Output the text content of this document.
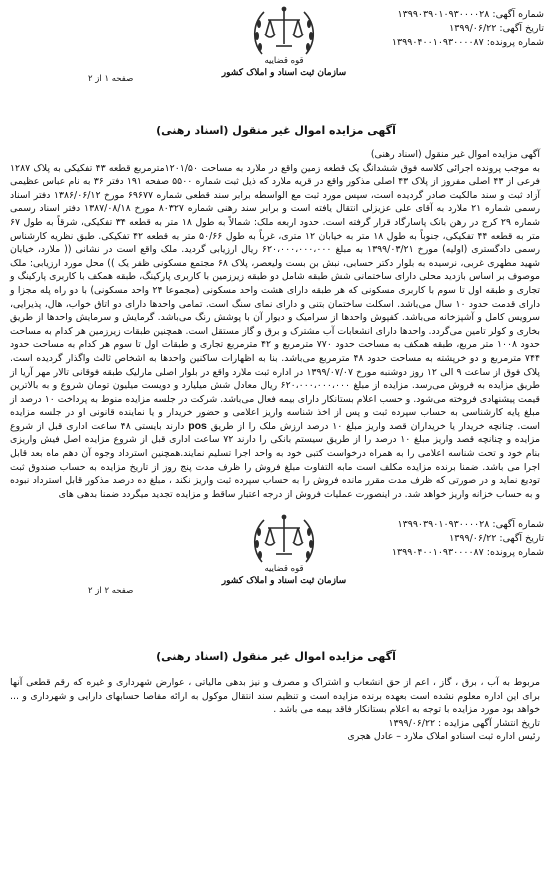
شماره آگهی: ۱۳۹۹۰۳۹۰۱۰۹۳۰۰۰۰۲۸
تاریخ آگهی: ۱۳۹۹/۰۶/۲۲
شماره پرونده: ۱۳۹۹۰۴۰۰۱۰۹۳۰۰۰۰۸۷
قوه قضاییه
سازمان ثبت اسناد و املاک کشور
صفحه ۱ از ۲
آگهی مزایده اموال غیر منقول (اسناد رهنی)

آگهی مزایده اموال غیر منقول (اسناد رهنی)

به موجب پرونده اجرائی کلاسه فوق ششدانگ یک قطعه زمین واقع در ملارد به مساحت ۱۲۰۱/۵۰مترمربع قطعه ۴۳ تفکیکی به پلاک ۱۲۸۷ فرعی از ۴۳ اصلی مفروز از پلاک ۴۳ اصلی مذکور واقع در قریه ملارد که ذیل ثبت شماره ۵۵۰۰ صفحه ۱۹۱ دفتر ۳۶ به نام عباس عظیمی آزاد ثبت و سند مالکیت صادر گردیده است، سپس مورد ثبت مع الواسطه برابر سند قطعی شماره ۶۹۶۷۷ مورخ ۱۳۸۶/۰۶/۱۲ دفتر اسناد رسمی شماره ۲۱ ملارد به آقای علی عزیزلی انتقال یافته است و برابر سند رهنی شماره ۸۰۳۲۷ مورخ ۱۳۸۷/۰۸/۱۸ دفتر اسناد رسمی شماره ۲۹ کرج در رهن بانک پاسارگاد قرار گرفته است. حدود اربعه ملک: شمالاً به طول ۱۸ متر به قطعه ۳۴ تفکیکی، شرقاً به طول ۶۷ متر به قطعه ۴۴ تفکیکی، جنوباً به طول ۱۸ متر به خیابان ۱۲ متری، غرباً به طول ۵۰/۶۶ متر به قطعه ۴۲ تفکیکی. طبق نظریه کارشناس رسمی دادگستری (اولیه) مورخ ۱۳۹۹/۰۳/۲۱ به مبلغ ۶۲۰،۰۰۰،۰۰۰،۰۰۰ ریال ارزیابی گردید. ملک واقع است در نشانی (( ملارد، خیابان شهید مطهری غربی، نرسیده به بلوار دکتر حسابی، نبش بن بست ولیعصر، پلاک ۶۸ مجتمع مسکونی ظفر یک )) محل مورد ارزیابی: ملک موصوف بر اساس بازدید محلی دارای ساختمانی شش طبقه شامل دو طبقه زیرزمین با کاربری پارکینگ، طبقه همکف با کاربری پارکینگ و تجاری و طبقه اول تا سوم با کاربری مسکونی که هر طبقه دارای هشت واحد مسکونی (مجموعا ۲۴ واحد مسکونی) با دو راه پله مجزا و دارای قدمت حدود ۱۰ سال می‌باشد. اسکلت ساختمان بتنی و دارای نمای سنگ است. تمامی واحدها دارای دو اتاق خواب، هال، پذیرایی، سرویس کامل و آشپزخانه می‌باشد. کفپوش واحدها از سرامیک و دیوار آن با پوشش رنگ می‌باشد. گرمایش و سرمایش واحدها از طریق بخاری و کولر تامین می‌گردد. واحدها دارای انشعابات آب مشترک و برق و گاز مستقل است. همچنین طبقات زیرزمین هر کدام به مساحت حدود ۱۰۰۸ متر مربع، طبقه همکف به مساحت حدود ۷۷۰ مترمربع و ۴۲ مترمربع تجاری و طبقات اول تا سوم هر کدام به مساحت حدود ۷۴۴ مترمربع و دو خرپشته به مساحت حدود ۴۸ مترمربع می‌باشد. بنا به اظهارات ساکنین واحدها به اشخاص ثالث واگذار گردیده است. پلاک فوق از ساعت ۹ الی ۱۲ روز دوشنبه مورخ ۱۳۹۹/۰۷/۰۷ در اداره ثبت ملارد واقع در بلوار اصلی مارلیک طبقه فوقانی تالار مهر آریا از طریق مزایده به فروش می‌رسد. مزایده از مبلغ ۶۲۰،۰۰۰،۰۰۰،۰۰۰ ریال معادل شش میلیارد و دویست میلیون تومان شروع و به بالاترین قیمت پیشنهادی فروخته می‌شود. و حسب اعلام بستانکار دارای بیمه فعال می‌باشد. شرکت در جلسه مزایده منوط به پرداخت ۱۰ درصد از مبلغ پایه کارشناسی به حساب سپرده ثبت و پس از اخذ شناسه واریز اعلامی و حضور خریدار و یا نماینده قانونی او در جلسه مزایده است. چنانچه خریدار یا خریداران قصد واریز مبلغ ۱۰ درصد ارزش ملک را از طریق pos دارند بایستی ۴۸ ساعت اداری قبل از شروع مزایده و چنانچه قصد واریز مبلغ ۱۰ درصد را از طریق سیستم بانکی را دارند ۷۲ ساعت اداری قبل از شروع مزایده اصل فیش واریزی بنام خود و تحت شناسه اعلامی را به همراه درخواست کتبی خود به واحد اجرا تسلیم نمایند.همچنین استرداد وجوه آن دهم ماه بعد قابل اجرا می باشد. ضمنا برنده مزایده مکلف است مابه التفاوت مبلغ فروش را ظرف مدت پنج روز از تاریخ مزایده به حساب صندوق ثبت تودیع نماید و در صورتی که ظرف مدت مقرر مانده فروش را به حساب سپرده ثبت واریز نکند ، مبلغ ده درصد مذکور قابل استرداد نبوده و به حساب خزانه واریز خواهد شد. در اینصورت عملیات فروش از درجه اعتبار ساقط و مزایده تجدید میگردد ضمنا بدهی های

شماره آگهی: ۱۳۹۹۰۳۹۰۱۰۹۳۰۰۰۰۲۸
تاریخ آگهی: ۱۳۹۹/۰۶/۲۲
شماره پرونده: ۱۳۹۹۰۴۰۰۱۰۹۳۰۰۰۰۸۷
قوه قضاییه
سازمان ثبت اسناد و املاک کشور
صفحه ۲ از ۲
آگهی مزایده اموال غیر منقول (اسناد رهنی)

مربوط به آب ، برق ، گاز ، اعم از حق انشعاب و اشتراک و مصرف و نیز بدهی مالیاتی ، عوارض شهرداری و غیره که رقم قطعی آنها برای این اداره معلوم نشده است بعهده برنده مزایده است و تنظیم سند انتقال موکول به ارائه مفاصا حسابهای دارایی و شهرداری و ... خواهد بود مورد مزایده با توجه به اعلام بستانکار فاقد بیمه می باشد .

تاریخ انتشار آگهی مزایده : ۱۳۹۹/۰۶/۲۲

رئیس اداره ثبت اسنادو املاک ملارد – عادل هجری
